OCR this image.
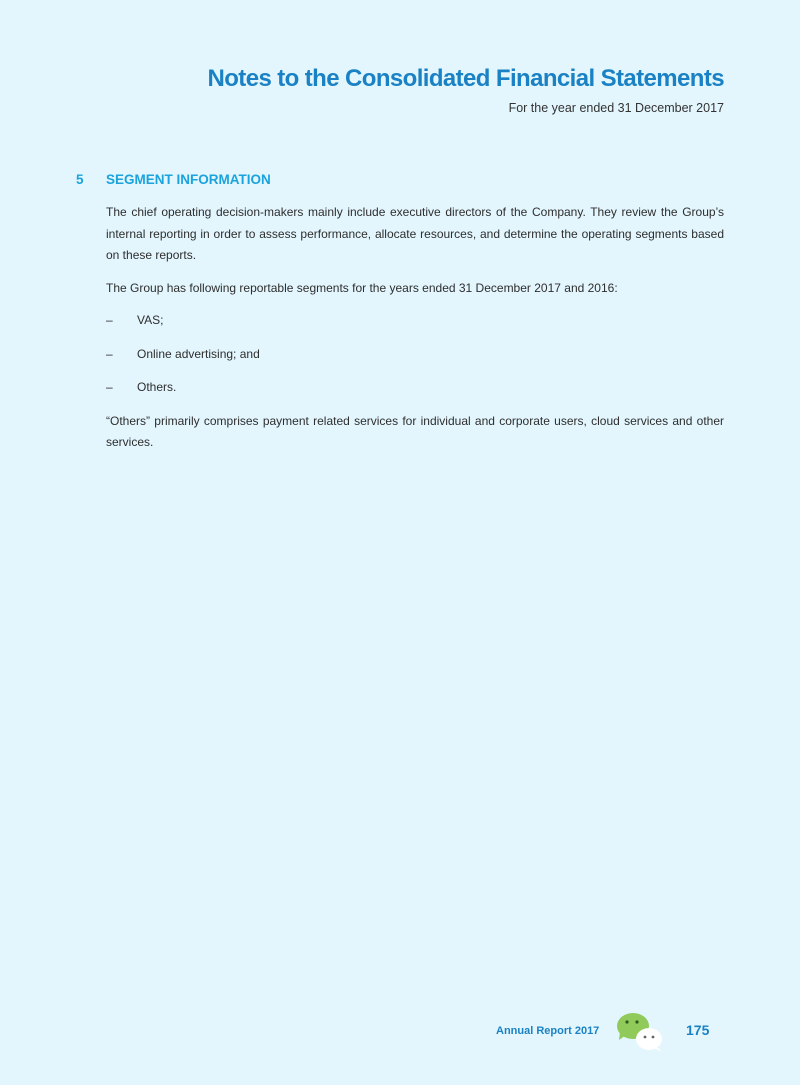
Notes to the Consolidated Financial Statements
For the year ended 31 December 2017
5	SEGMENT INFORMATION

The chief operating decision-makers mainly include executive directors of the Company. They review the Group’s internal reporting in order to assess performance, allocate resources, and determine the operating segments based on these reports.

The Group has following reportable segments for the years ended 31 December 2017 and 2016:

–	VAS;
–	Online advertising; and
–	Others.

“Others” primarily comprises payment related services for individual and corporate users, cloud services and other services.

Annual Report 2017	175
